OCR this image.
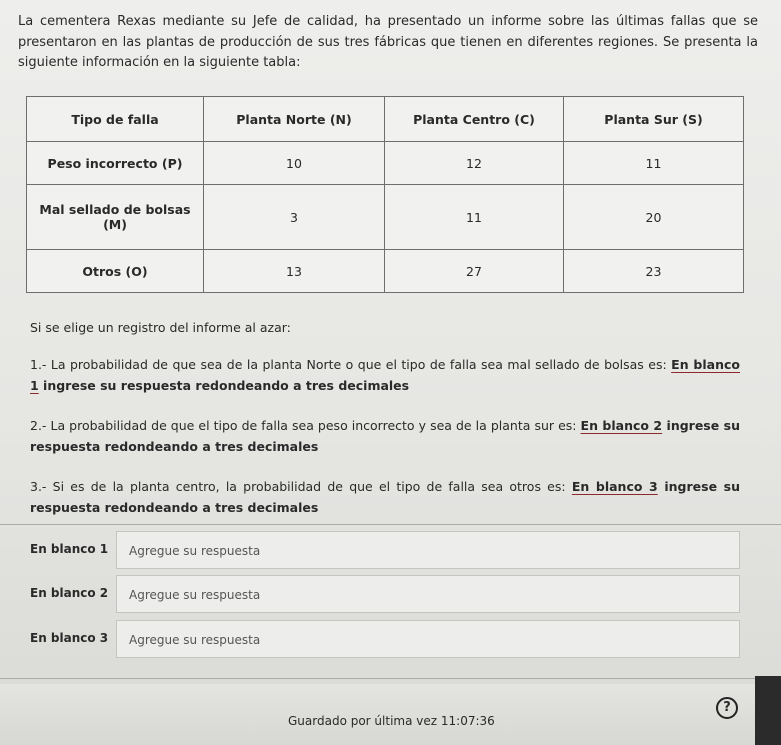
La cementera Rexas mediante su Jefe de calidad, ha presentado un informe sobre las últimas fallas que se presentaron en las plantas de producción de sus tres fábricas que tienen en diferentes regiones. Se presenta la siguiente información en la siguiente tabla:

Tipo de falla	Planta Norte (N)	Planta Centro (C)	Planta Sur (S)
Peso incorrecto (P)	10	12	11
Mal sellado de bolsas (M)	3	11	20
Otros (O)	13	27	23
Si se elige un registro del informe al azar:
1.- La probabilidad de que sea de la planta Norte o que el tipo de falla sea mal sellado de bolsas es: En blanco 1 ingrese su respuesta redondeando a tres decimales
2.- La probabilidad de que el tipo de falla sea peso incorrecto y sea de la planta sur es: En blanco 2 ingrese su respuesta redondeando a tres decimales
3.- Si es de la planta centro, la probabilidad de que el tipo de falla sea otros es: En blanco 3 ingrese su respuesta redondeando a tres decimales
En blanco 1
Agregue su respuesta
En blanco 2
Agregue su respuesta
En blanco 3
Agregue su respuesta
Guardado por última vez 11:07:36
?
